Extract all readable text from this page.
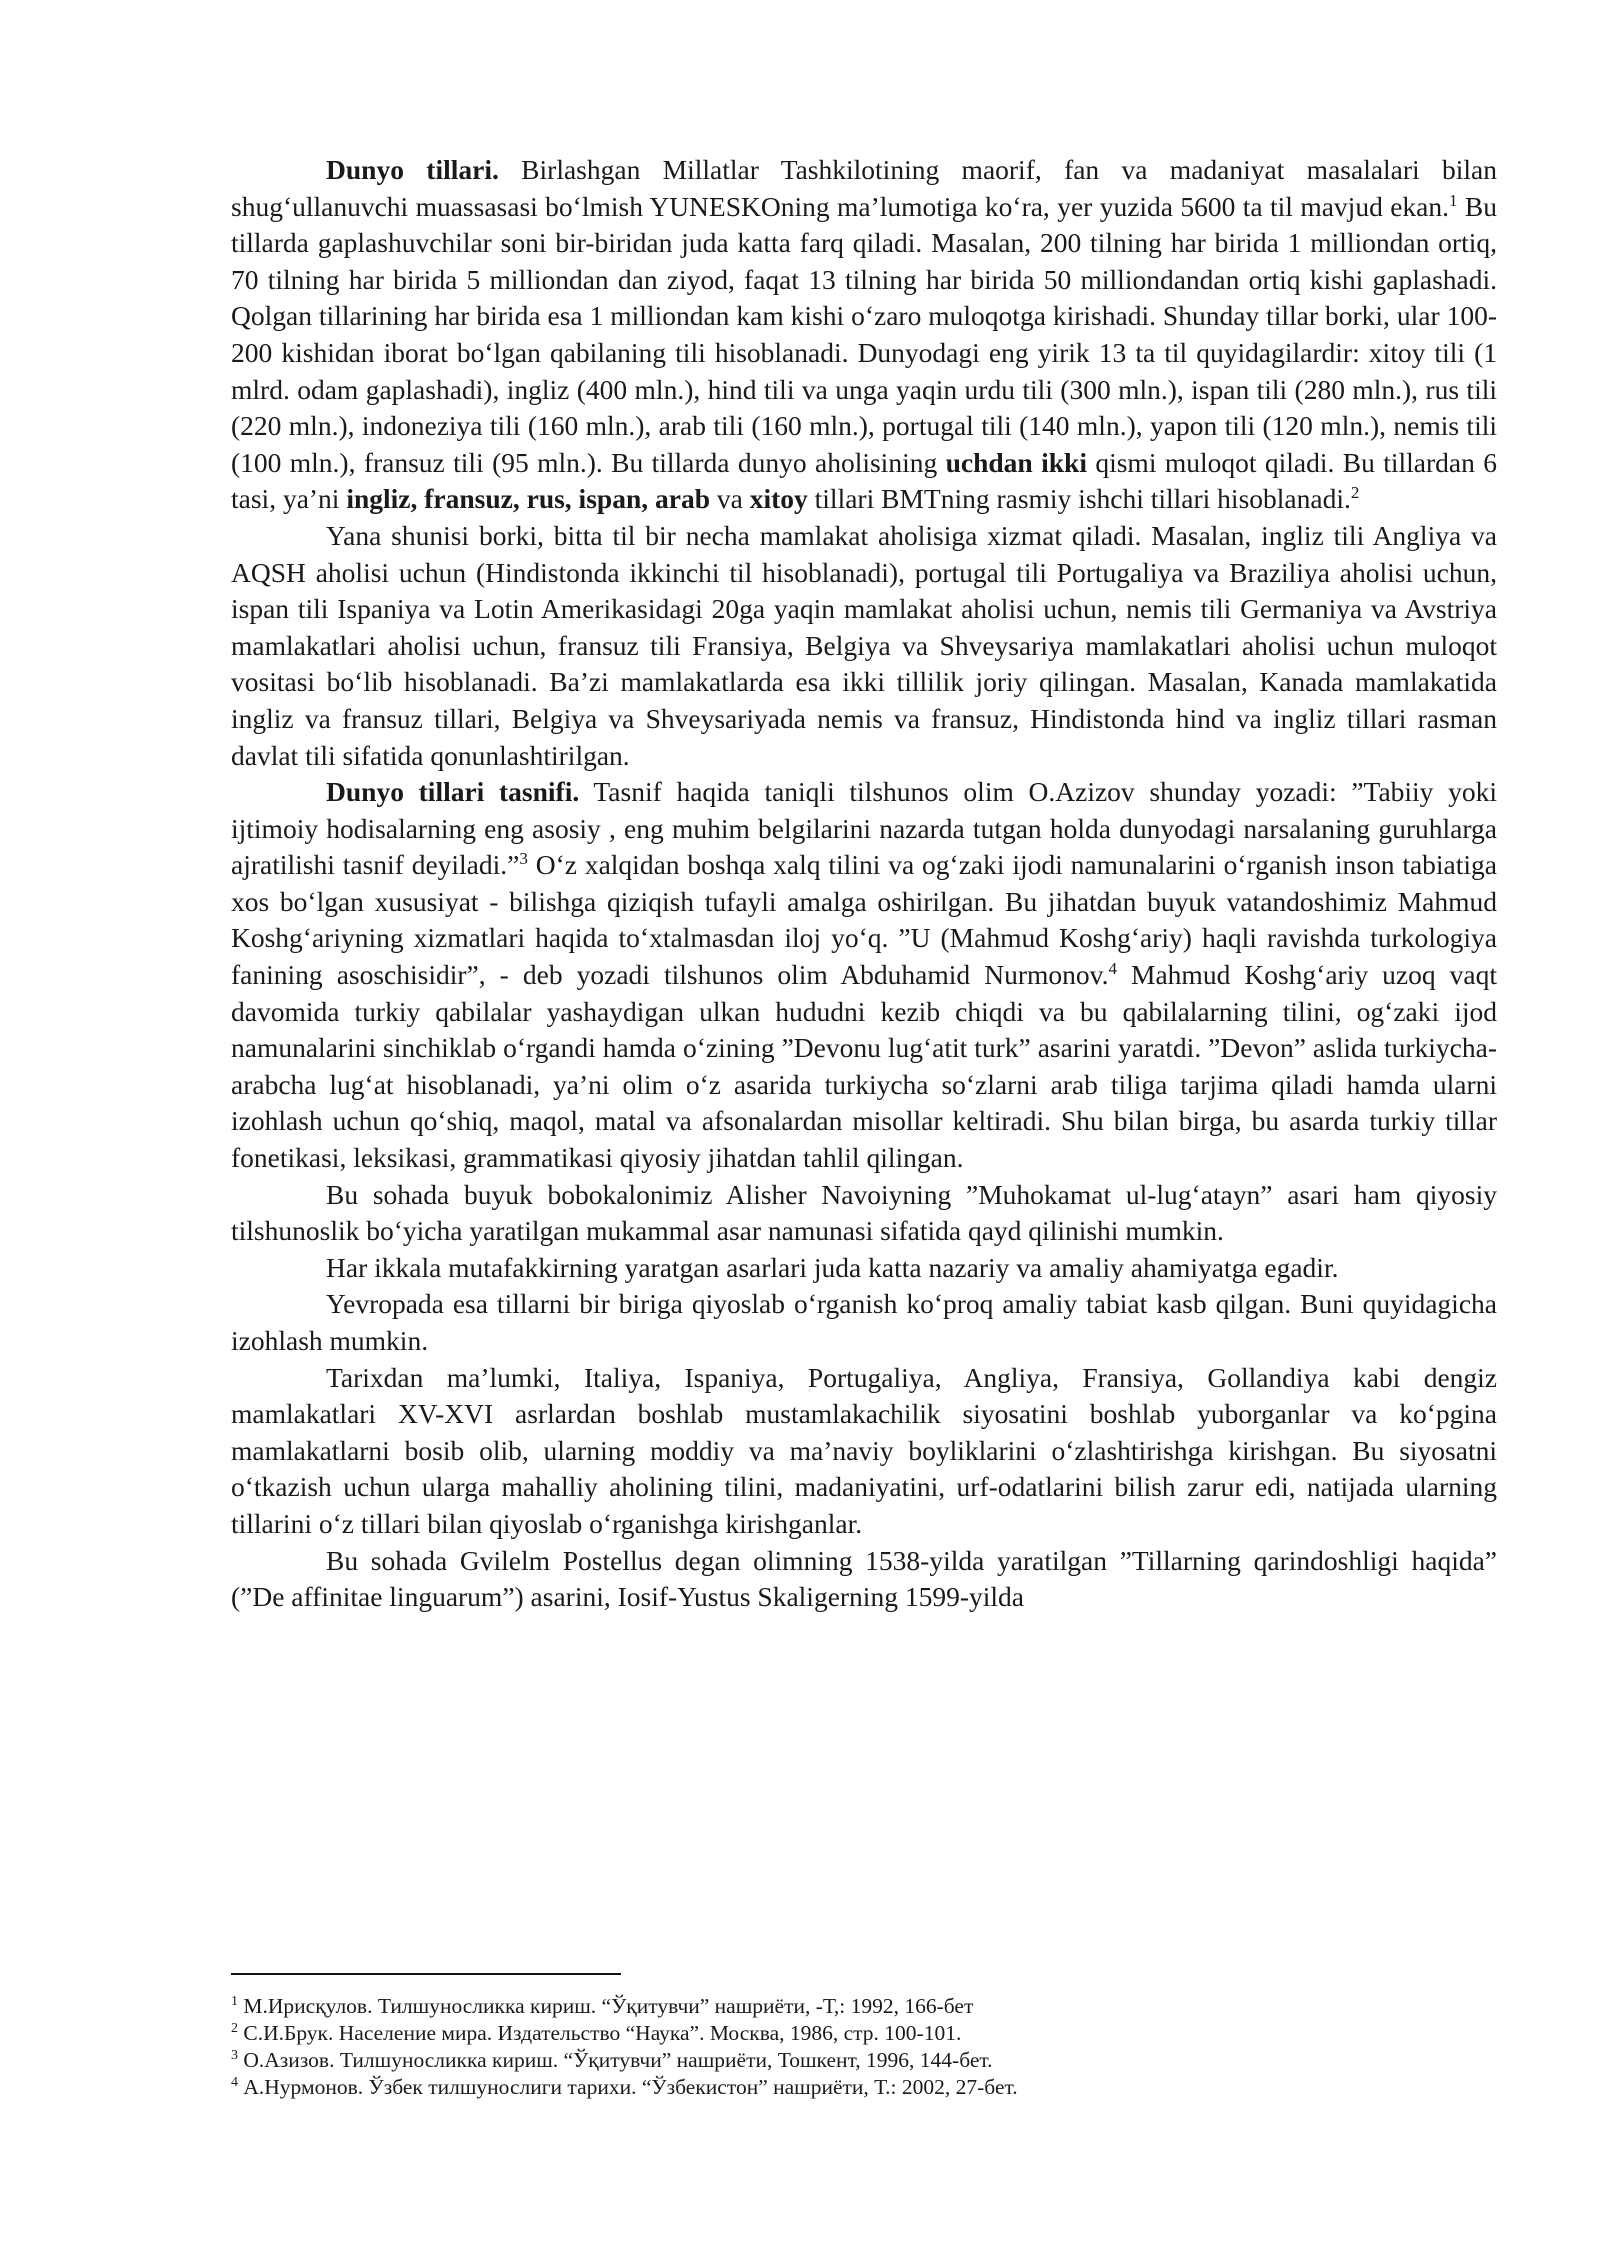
Dunyo tillari. Birlashgan Millatlar Tashkilotining maorif, fan va madaniyat masalalari bilan shug‘ullanuvchi muassasasi bo‘lmish YUNESKOning ma’lumotiga ko‘ra, yer yuzida 5600 ta til mavjud ekan.$^1$ Bu tillarda gaplashuvchilar soni bir-biridan juda katta farq qiladi. Masalan, 200 tilning har birida 1 milliondan ortiq, 70 tilning har birida 5 milliondan dan ziyod, faqat 13 tilning har birida 50 milliondandan ortiq kishi gaplashadi. Qolgan tillarining har birida esa 1 milliondan kam kishi o‘zaro muloqotga kirishadi. Shunday tillar borki, ular 100-200 kishidan iborat bo‘lgan qabilaning tili hisoblanadi. Dunyodagi eng yirik 13 ta til quyidagilardir: xitoy tili (1 mlrd. odam gaplashadi), ingliz (400 mln.), hind tili va unga yaqin urdu tili (300 mln.), ispan tili (280 mln.), rus tili (220 mln.), indoneziya tili (160 mln.), arab tili (160 mln.), portugal tili (140 mln.), yapon tili (120 mln.), nemis tili (100 mln.), fransuz tili (95 mln.). Bu tillarda dunyo aholisining uchdan ikki qismi muloqot qiladi. Bu tillardan 6 tasi, ya’ni ingliz, fransuz, rus, ispan, arab va xitoy tillari BMTning rasmiy ishchi tillari hisoblanadi.$^2$

Yana shunisi borki, bitta til bir necha mamlakat aholisiga xizmat qiladi. Masalan, ingliz tili Angliya va AQSH aholisi uchun (Hindistonda ikkinchi til hisoblanadi), portugal tili Portugaliya va Braziliya aholisi uchun, ispan tili Ispaniya va Lotin Amerikasidagi 20ga yaqin mamlakat aholisi uchun, nemis tili Germaniya va Avstriya mamlakatlari aholisi uchun, fransuz tili Fransiya, Belgiya va Shveysariya mamlakatlari aholisi uchun muloqot vositasi bo‘lib hisoblanadi. Ba’zi mamlakatlarda esa ikki tillilik joriy qilingan. Masalan, Kanada mamlakatida ingliz va fransuz tillari, Belgiya va Shveysariyada nemis va fransuz, Hindistonda hind va ingliz tillari rasman davlat tili sifatida qonunlashtirilgan.

Dunyo tillari tasnifi. Tasnif haqida taniqli tilshunos olim O.Azizov shunday yozadi: ”Tabiiy yoki ijtimoiy hodisalarning eng asosiy , eng muhim belgilarini nazarda tutgan holda dunyodagi narsalaning guruhlarga ajratilishi tasnif deyiladi.”$^3$ O‘z xalqidan boshqa xalq tilini va og‘zaki ijodi namunalarini o‘rganish inson tabiatiga xos bo‘lgan xususiyat - bilishga qiziqish tufayli amalga oshirilgan. Bu jihatdan buyuk vatandoshimiz Mahmud Koshg‘ariyning xizmatlari haqida to‘xtalmasdan iloj yo‘q. ”U (Mahmud Koshg‘ariy) haqli ravishda turkologiya fanining asoschisidir”, - deb yozadi tilshunos olim Abduhamid Nurmonov.$^4$ Mahmud Koshg‘ariy uzoq vaqt davomida turkiy qabilalar yashaydigan ulkan hududni kezib chiqdi va bu qabilalarning tilini, og‘zaki ijod namunalarini sinchiklab o‘rgandi hamda o‘zining ”Devonu lug‘atit turk” asarini yaratdi. ”Devon” aslida turkiycha-arabcha lug‘at hisoblanadi, ya’ni olim o‘z asarida turkiycha so‘zlarni arab tiliga tarjima qiladi hamda ularni izohlash uchun qo‘shiq, maqol, matal va afsonalardan misollar keltiradi. Shu bilan birga, bu asarda turkiy tillar fonetikasi, leksikasi, grammatikasi qiyosiy jihatdan tahlil qilingan.

Bu sohada buyuk bobokalonimiz Alisher Navoiyning ”Muhokamat ul-lug‘atayn” asari ham qiyosiy tilshunoslik bo‘yicha yaratilgan mukammal asar namunasi sifatida qayd qilinishi mumkin.

Har ikkala mutafakkirning yaratgan asarlari juda katta nazariy va amaliy ahamiyatga egadir.

Yevropada esa tillarni bir biriga qiyoslab o‘rganish ko‘proq amaliy tabiat kasb qilgan. Buni quyidagicha izohlash mumkin.

Tarixdan ma’lumki, Italiya, Ispaniya, Portugaliya, Angliya, Fransiya, Gollandiya kabi dengiz mamlakatlari XV-XVI asrlardan boshlab mustamlakachilik siyosatini boshlab yuborganlar va ko‘pgina mamlakatlarni bosib olib, ularning moddiy va ma’naviy boyliklarini o‘zlashtirishga kirishgan. Bu siyosatni o‘tkazish uchun ularga mahalliy aholining tilini, madaniyatini, urf-odatlarini bilish zarur edi, natijada ularning tillarini o‘z tillari bilan qiyoslab o‘rganishga kirishganlar.

Bu sohada Gvilelm Postellus degan olimning 1538-yilda yaratilgan ”Tillarning qarindoshligi haqida” (”De affinitae linguarum”) asarini, Iosif-Yustus Skaligerning 1599-yilda

$^1$ М.Ирисқулов. Тилшуносликка кириш. “Ўқитувчи” нашриёти, -Т,: 1992, 166-бет

$^2$ С.И.Брук. Население мира. Издательство “Наука”. Москва, 1986, стр. 100-101.

$^3$ О.Азизов. Тилшуносликка кириш. “Ўқитувчи” нашриёти, Тошкент, 1996, 144-бет.

$^4$ А.Нурмонов. Ўзбек тилшунослиги тарихи. “Ўзбекистон” нашриёти, Т.: 2002, 27-бет.
